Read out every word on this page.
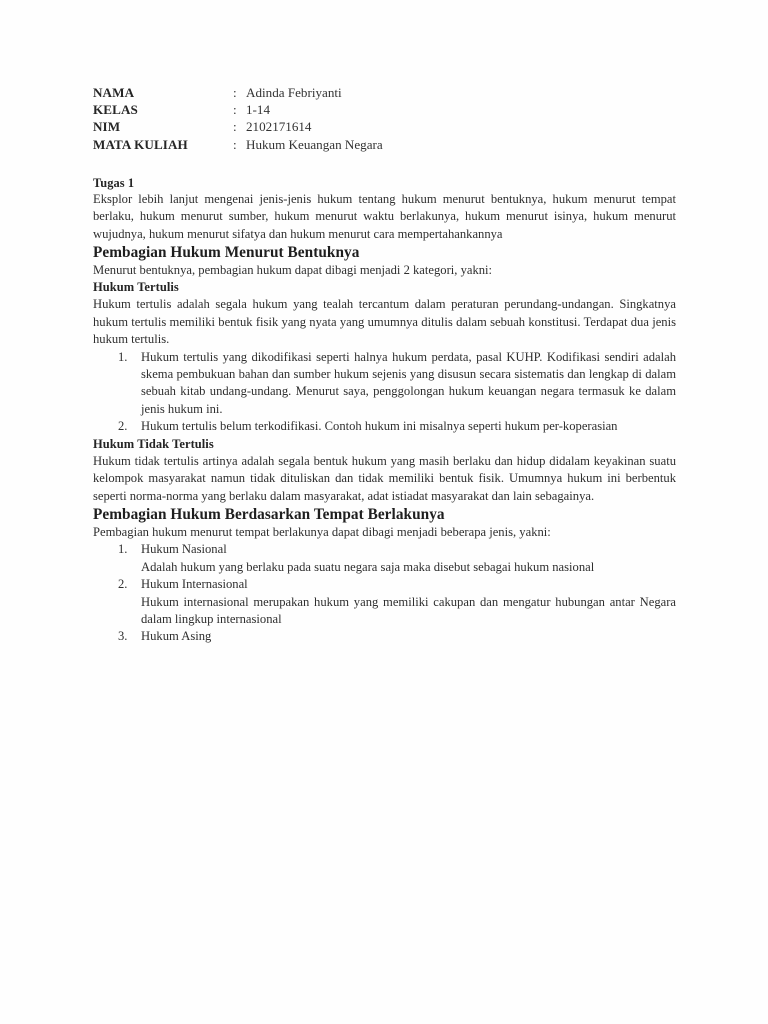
NAMA	:	Adinda Febriyanti
KELAS	:	1-14
NIM	:	2102171614
MATA KULIAH	:	Hukum Keuangan Negara
Tugas 1

Eksplor lebih lanjut mengenai jenis-jenis hukum tentang hukum menurut bentuknya, hukum menurut tempat berlaku, hukum menurut sumber, hukum menurut waktu berlakunya, hukum menurut isinya, hukum menurut wujudnya, hukum menurut sifatya dan hukum menurut cara mempertahankannya

Pembagian Hukum Menurut Bentuknya

Menurut bentuknya, pembagian hukum dapat dibagi menjadi 2 kategori, yakni:

Hukum Tertulis

Hukum tertulis adalah segala hukum yang tealah tercantum dalam peraturan perundang-undangan. Singkatnya hukum tertulis memiliki bentuk fisik yang nyata yang umumnya ditulis dalam sebuah konstitusi. Terdapat dua jenis hukum tertulis.

1.	Hukum tertulis yang dikodifikasi seperti halnya hukum perdata, pasal KUHP. Kodifikasi sendiri adalah skema pembukuan bahan dan sumber hukum sejenis yang disusun secara sistematis dan lengkap di dalam sebuah kitab undang-undang. Menurut saya, penggolongan hukum keuangan negara termasuk ke dalam jenis hukum ini.
2.	Hukum tertulis belum terkodifikasi. Contoh hukum ini misalnya seperti hukum per-koperasian
Hukum Tidak Tertulis

Hukum tidak tertulis artinya adalah segala bentuk hukum yang masih berlaku dan hidup didalam keyakinan suatu kelompok masyarakat namun tidak dituliskan dan tidak memiliki bentuk fisik. Umumnya hukum ini berbentuk seperti norma-norma yang berlaku dalam masyarakat, adat istiadat masyarakat dan lain sebagainya.

Pembagian Hukum Berdasarkan Tempat Berlakunya

Pembagian hukum menurut tempat berlakunya dapat dibagi menjadi beberapa jenis, yakni:

1.	Hukum Nasional
Adalah hukum yang berlaku pada suatu negara saja maka disebut sebagai hukum nasional
2.	Hukum Internasional
Hukum internasional merupakan hukum yang memiliki cakupan dan mengatur hubungan antar Negara dalam lingkup internasional
3.	Hukum Asing
